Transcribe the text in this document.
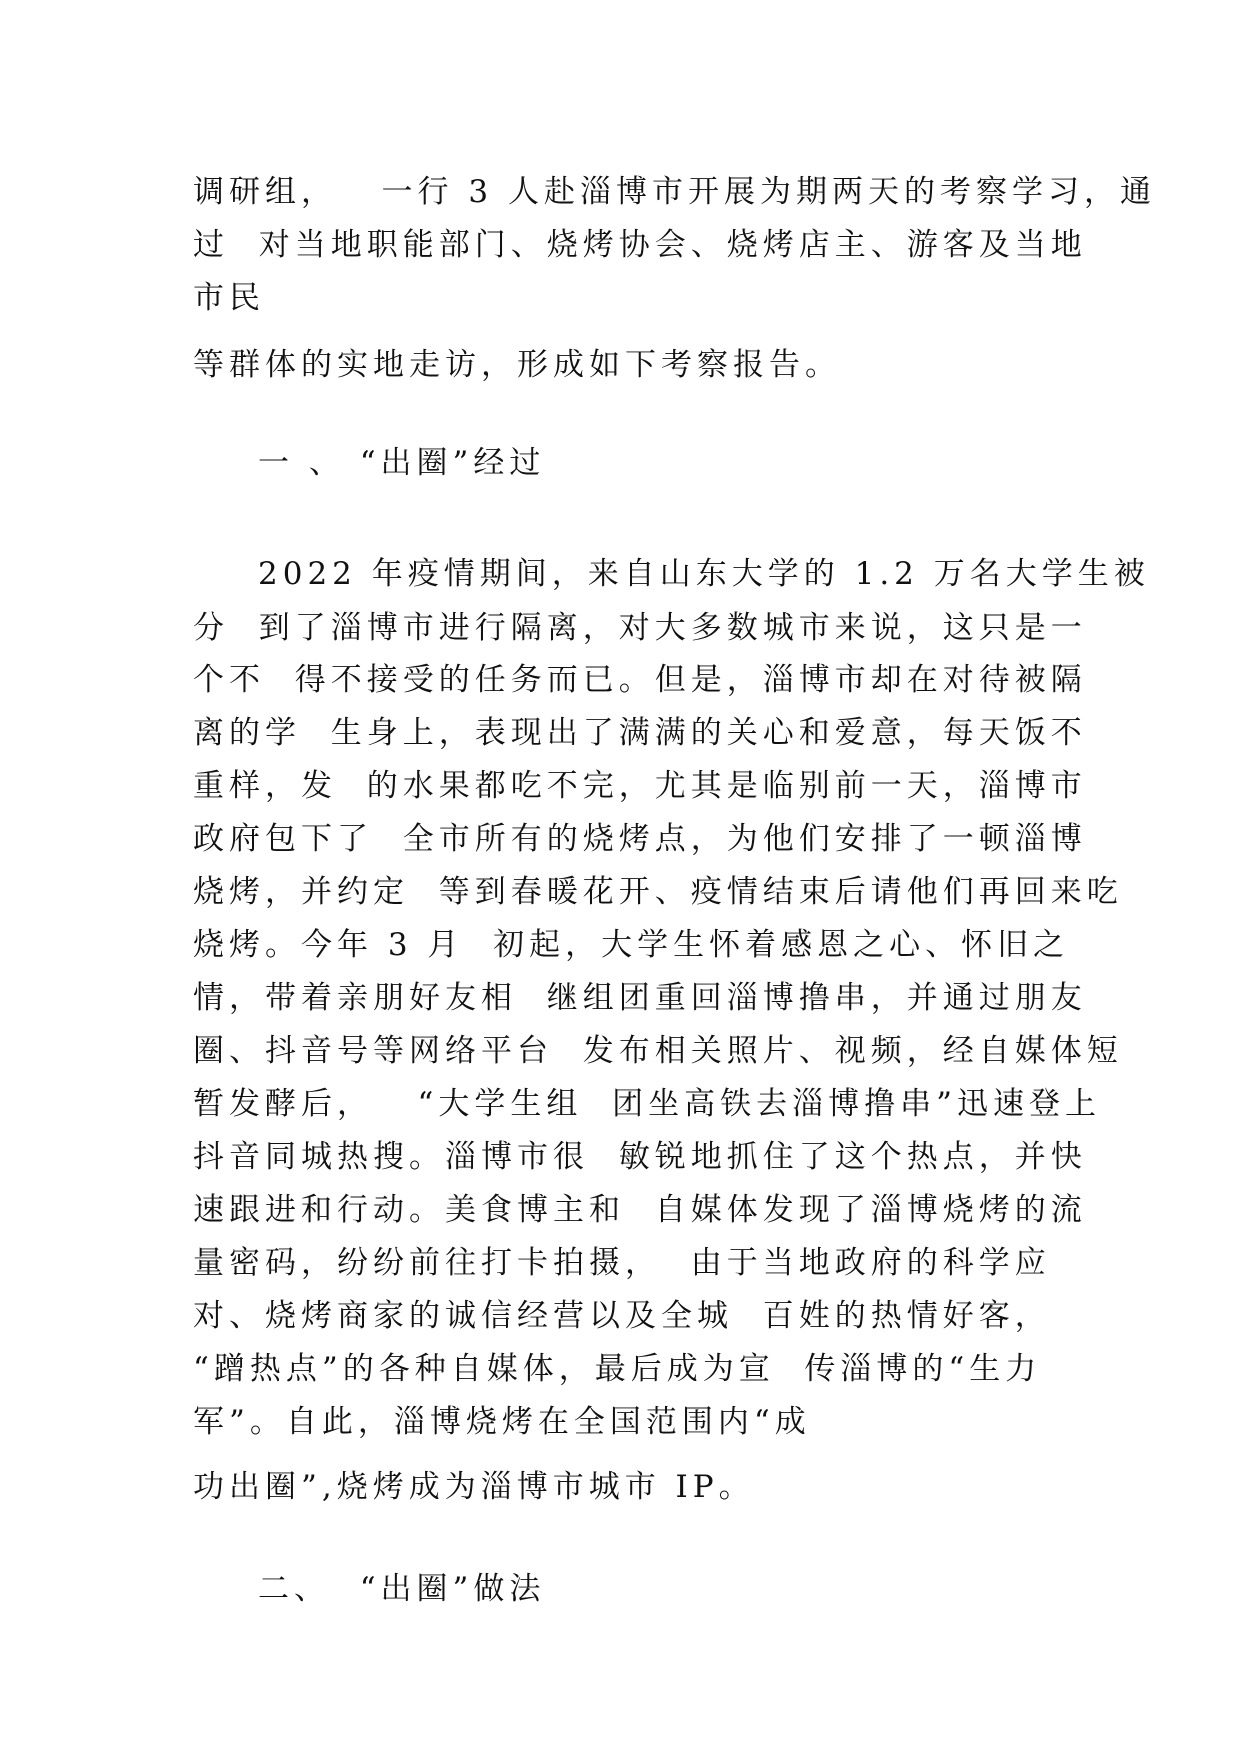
调研组，   一行 3 人赴淄博市开展为期两天的考察学习，通

过  对当地职能部门、烧烤协会、烧烤店主、游客及当地

市民

等群体的实地走访，形成如下考察报告。

一 、 “出圈”经过

2022 年疫情期间，来自山东大学的 1.2 万名大学生被

分  到了淄博市进行隔离，对大多数城市来说，这只是一

个不  得不接受的任务而已。但是，淄博市却在对待被隔

离的学  生身上，表现出了满满的关心和爱意，每天饭不

重样，发  的水果都吃不完，尤其是临别前一天，淄博市

政府包下了  全市所有的烧烤点，为他们安排了一顿淄博

烧烤，并约定  等到春暖花开、疫情结束后请他们再回来吃

烧烤。今年 3 月  初起，大学生怀着感恩之心、怀旧之

情，带着亲朋好友相  继组团重回淄博撸串，并通过朋友

圈、抖音号等网络平台  发布相关照片、视频，经自媒体短

暂发酵后，   “大学生组  团坐高铁去淄博撸串”迅速登上

抖音同城热搜。淄博市很  敏锐地抓住了这个热点，并快

速跟进和行动。美食博主和  自媒体发现了淄博烧烤的流

量密码，纷纷前往打卡拍摄，  由于当地政府的科学应

对、烧烤商家的诚信经营以及全城  百姓的热情好客，

“蹭热点”的各种自媒体，最后成为宣  传淄博的“生力

军”。自此，淄博烧烤在全国范围内“成

功出圈”,烧烤成为淄博市城市 IP。

二、  “出圈”做法
